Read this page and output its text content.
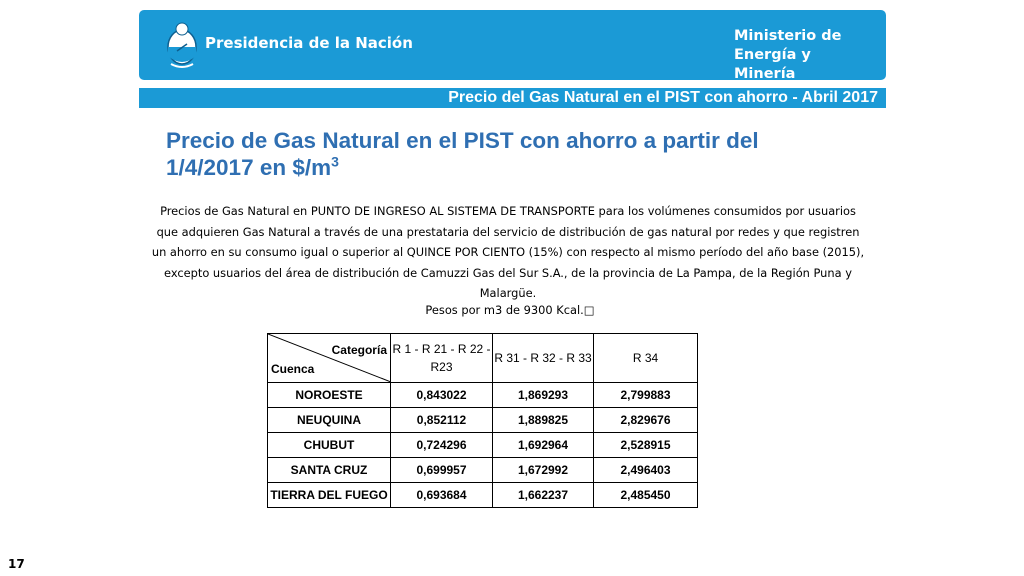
Presidencia de la Nación	Ministerio de
Energía y Minería
Precio del Gas Natural en el PIST con ahorro - Abril 2017
Precio de Gas Natural en el PIST con ahorro a partir del 1/4/2017 en $\$/m^3$

Precios de Gas Natural en PUNTO DE INGRESO AL SISTEMA DE TRANSPORTE para los volúmenes consumidos por usuarios que adquieren Gas Natural a través de una prestataria del servicio de distribución de gas natural por redes y que registren un ahorro en su consumo igual o superior al QUINCE POR CIENTO (15%) con respecto al mismo período del año base (2015), excepto usuarios del área de distribución de Camuzzi Gas del Sur S.A., de la provincia de La Pampa, de la Región Puna y Malargüe.

Pesos por m3 de 9300 Kcal.□
Categoría
Cuenca	R 1 - R 21 - R 22 - R23	R 31 - R 32 - R 33	R 34
NOROESTE	0,843022	1,869293	2,799883
NEUQUINA	0,852112	1,889825	2,829676
CHUBUT	0,724296	1,692964	2,528915
SANTA CRUZ	0,699957	1,672992	2,496403
TIERRA DEL FUEGO	0,693684	1,662237	2,485450
17
